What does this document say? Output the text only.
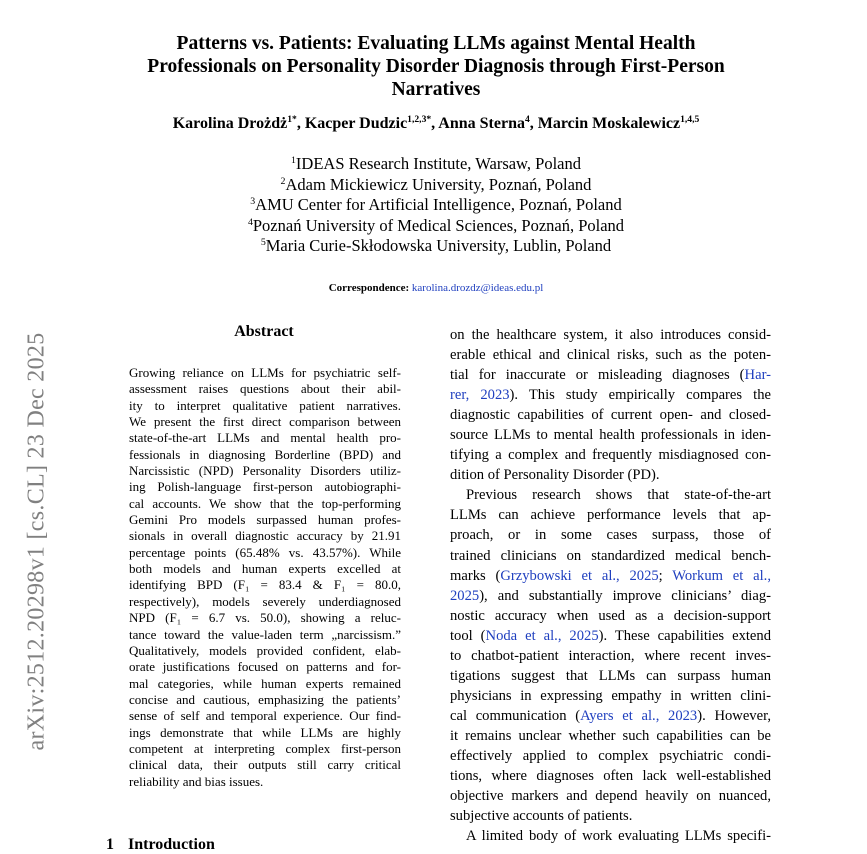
arXiv:2512.20298v1 [cs.CL] 23 Dec 2025
Patterns vs. Patients: Evaluating LLMs against Mental Health
Professionals on Personality Disorder Diagnosis through First-Person
Narratives
Karolina Drożdż$^{1*}$, Kacper Dudzic$^{1,2,3*}$, Anna Sterna$^4$, Marcin Moskalewicz$^{1,4,5}$
$^1$IDEAS Research Institute, Warsaw, Poland
$^2$Adam Mickiewicz University, Poznań, Poland
$^3$AMU Center for Artificial Intelligence, Poznań, Poland
$^4$Poznań University of Medical Sciences, Poznań, Poland
$^5$Maria Curie-Skłodowska University, Lublin, Poland
Correspondence: karolina.drozdz@ideas.edu.pl
Abstract
Growing reliance on LLMs for psychiatric self-
assessment raises questions about their abil-
ity to interpret qualitative patient narratives.
We present the first direct comparison between
state-of-the-art LLMs and mental health pro-
fessionals in diagnosing Borderline (BPD) and
Narcissistic (NPD) Personality Disorders utiliz-
ing Polish-language first-person autobiographi-
cal accounts. We show that the top-performing
Gemini Pro models surpassed human profes-
sionals in overall diagnostic accuracy by 21.91
percentage points (65.48% vs. 43.57%). While
both models and human experts excelled at
identifying BPD (F₁ = 83.4 & F₁ = 80.0,
respectively), models severely underdiagnosed
NPD (F₁ = 6.7 vs. 50.0), showing a reluc-
tance toward the value-laden term „narcissism.”
Qualitatively, models provided confident, elab-
orate justifications focused on patterns and for-
mal categories, while human experts remained
concise and cautious, emphasizing the patients’
sense of self and temporal experience. Our find-
ings demonstrate that while LLMs are highly
competent at interpreting complex first-person
clinical data, their outputs still carry critical
reliability and bias issues.
on the healthcare system, it also introduces consid-
erable ethical and clinical risks, such as the poten-
tial for inaccurate or misleading diagnoses (Har-
rer, 2023). This study empirically compares the
diagnostic capabilities of current open- and closed-
source LLMs to mental health professionals in iden-
tifying a complex and frequently misdiagnosed con-
dition of Personality Disorder (PD).
Previous research shows that state-of-the-art
LLMs can achieve performance levels that ap-
proach, or in some cases surpass, those of
trained clinicians on standardized medical bench-
marks (Grzybowski et al., 2025; Workum et al.,
2025), and substantially improve clinicians’ diag-
nostic accuracy when used as a decision-support
tool (Noda et al., 2025). These capabilities extend
to chatbot-patient interaction, where recent inves-
tigations suggest that LLMs can surpass human
physicians in expressing empathy in written clini-
cal communication (Ayers et al., 2023). However,
it remains unclear whether such capabilities can be
effectively applied to complex psychiatric condi-
tions, where diagnoses often lack well-established
objective markers and depend heavily on nuanced,
subjective accounts of patients.
A limited body of work evaluating LLMs specifi-
1 Introduction
